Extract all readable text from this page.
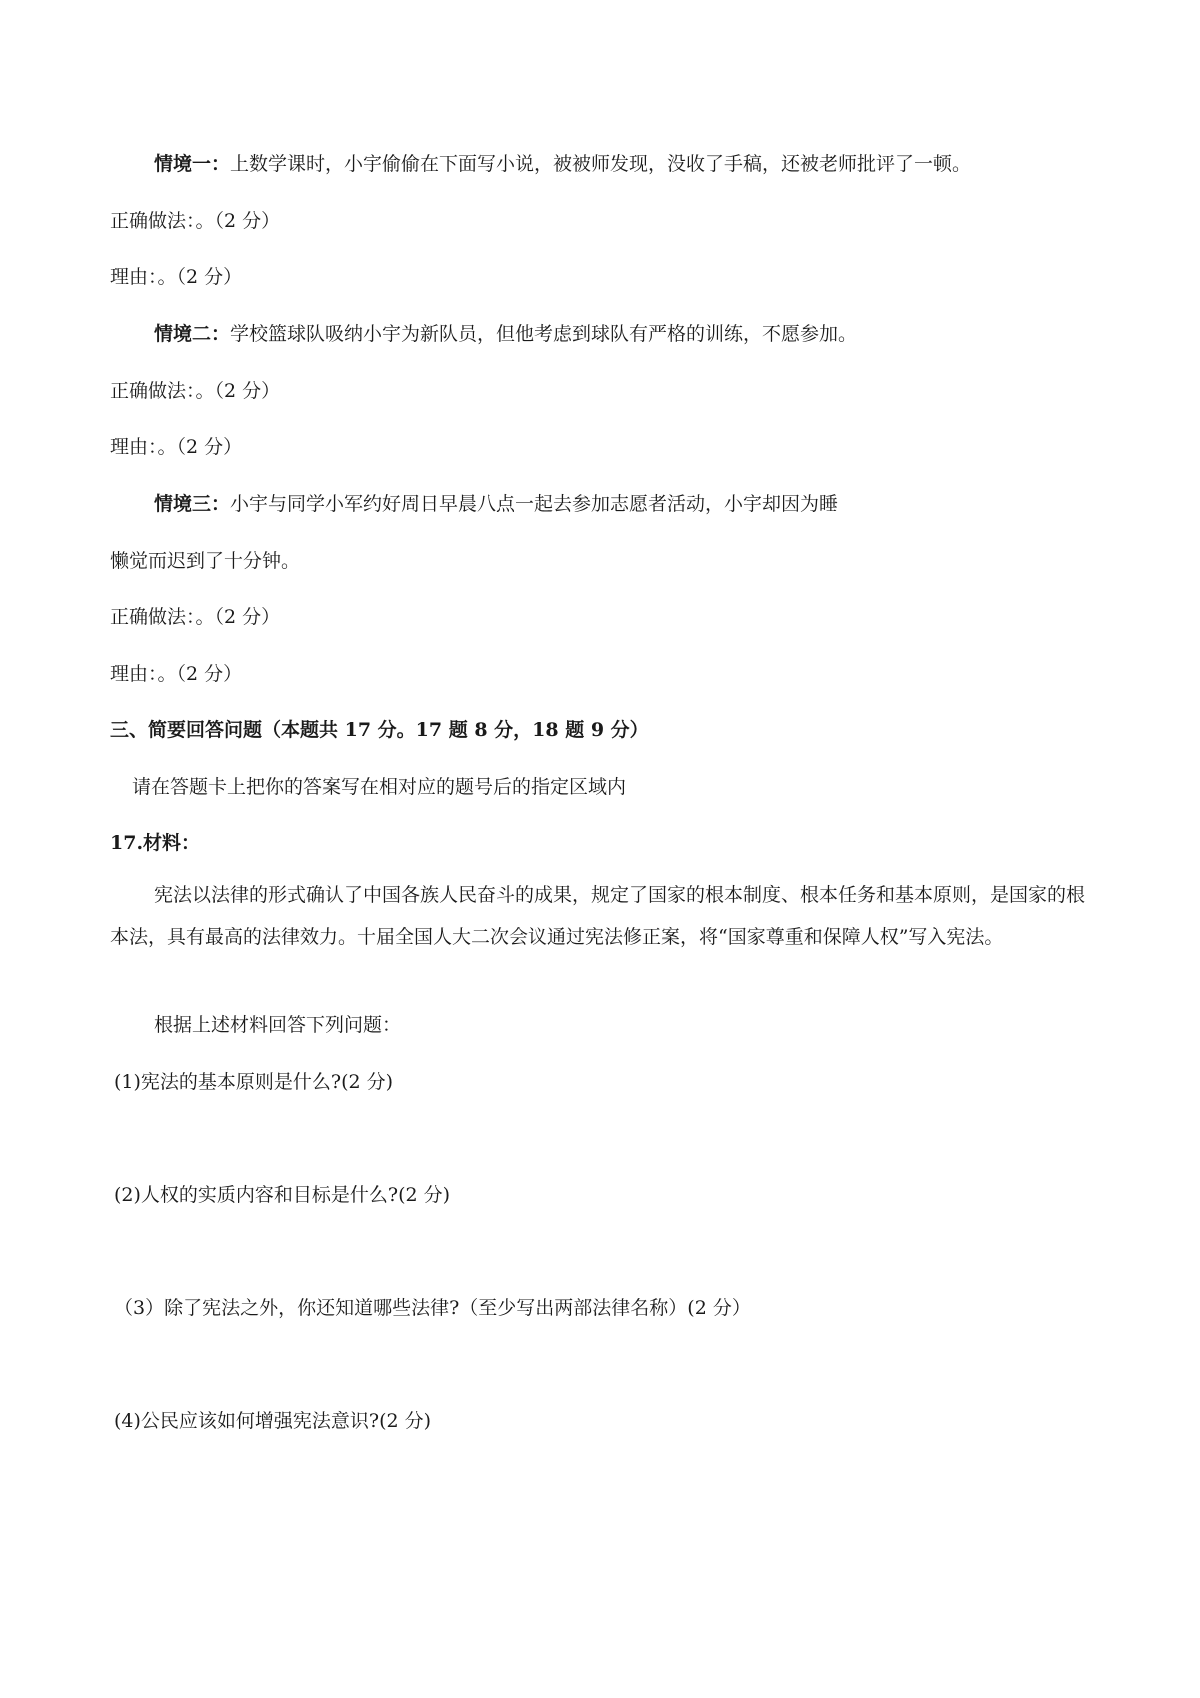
情境一：上数学课时，小宇偷偷在下面写小说，被被师发现，没收了手稿，还被老师批评了一顿。
正确做法：。（2 分）
理由：。（2 分）
情境二：学校篮球队吸纳小宇为新队员，但他考虑到球队有严格的训练，不愿参加。
正确做法：。（2 分）
理由：。（2 分）
情境三：小宇与同学小军约好周日早晨八点一起去参加志愿者活动，小宇却因为睡
懒觉而迟到了十分钟。
正确做法：。（2 分）
理由：。（2 分）
三、简要回答问题（本题共 17 分。17 题 8 分，18 题 9 分）
请在答题卡上把你的答案写在相对应的题号后的指定区域内
17.材料：
宪法以法律的形式确认了中国各族人民奋斗的成果，规定了国家的根本制度、根本任务和基本原则，是国家的根本法，具有最高的法律效力。十届全国人大二次会议通过宪法修正案，将“国家尊重和保障人权”写入宪法。
根据上述材料回答下列问题：
(1)宪法的基本原则是什么?(2 分)
(2)人权的实质内容和目标是什么?(2 分)
（3）除了宪法之外，你还知道哪些法律?（至少写出两部法律名称）(2 分）
(4)公民应该如何增强宪法意识?(2 分)
